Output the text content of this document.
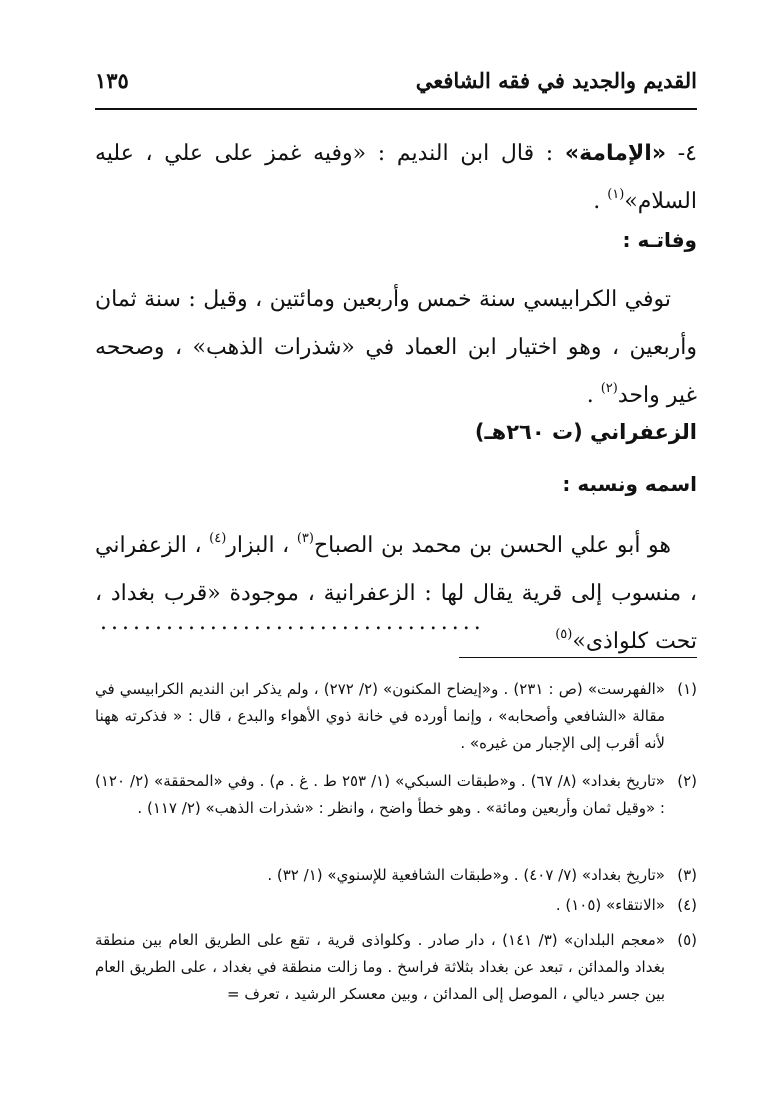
القديم والجديد في فقه الشافعي
١٣٥
٤- «الإمامة» : قال ابن النديم : «وفيه غمز على علي ، عليه السلام»$^{(١)}$ .
وفاتـه :
توفي الكرابيسي سنة خمس وأربعين ومائتين ، وقيل : سنة ثمان وأربعين ، وهو اختيار ابن العماد في «شذرات الذهب» ، وصححه غير واحد$^{(٢)}$ .
الزعفراني (ت ٢٦٠هـ)
اسمه ونسبه :
هو أبو علي الحسن بن محمد بن الصباح$^{(٣)}$ ، البزار$^{(٤)}$ ، الزعفراني ، منسوب إلى قرية يقال لها : الزعفرانية ، موجودة «قرب بغداد ، تحت كلواذى»$^{(٥)}$
...................................
(١)
«الفهرست» (ص : ٢٣١) . و«إيضاح المكنون» (٢/ ٢٧٢) ، ولم يذكر ابن النديم الكرابيسي في مقالة «الشافعي وأصحابه» ، وإنما أورده في خانة ذوي الأهواء والبدع ، قال : « فذكرته ههنا لأنه أقرب إلى الإجبار من غيره» .
(٢)
«تاريخ بغداد» (٨/ ٦٧) . و«طبقات السبكي» (١/ ٢٥٣ ط . غ . م) . وفي «المحققة» (٢/ ١٢٠) : «وقيل ثمان وأربعين ومائة» . وهو خطأ واضح ، وانظر : «شذرات الذهب» (٢/ ١١٧) .
(٣)
«تاريخ بغداد» (٧/ ٤٠٧) . و«طبقات الشافعية للإسنوي» (١/ ٣٢) .
(٤)
«الانتقاء» (١٠٥) .
(٥)
«معجم البلدان» (٣/ ١٤١) ، دار صادر . وكلواذى قرية ، تقع على الطريق العام بين منطقة بغداد والمدائن ، تبعد عن بغداد بثلاثة فراسخ . وما زالت منطقة في بغداد ، على الطريق العام بين جسر ديالي ، الموصل إلى المدائن ، وبين معسكر الرشيد ، تعرف =
